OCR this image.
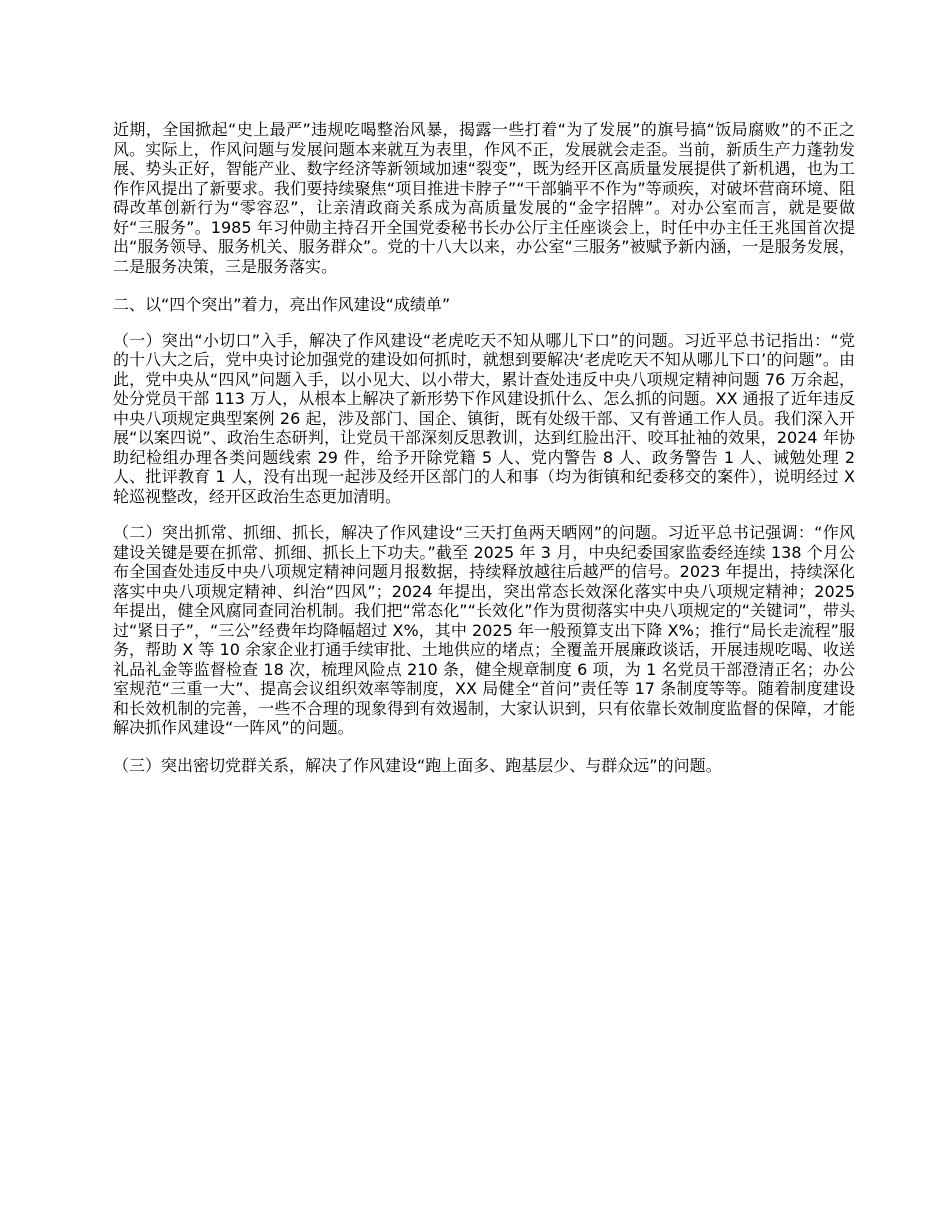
近期，全国掀起“史上最严”违规吃喝整治风暴，揭露一些打着“为了发展”的旗号搞“饭局腐败”的不正之风。实际上，作风问题与发展问题本来就互为表里，作风不正，发展就会走歪。当前，新质生产力蓬勃发展、势头正好，智能产业、数字经济等新领域加速“裂变”，既为经开区高质量发展提供了新机遇，也为工作作风提出了新要求。我们要持续聚焦“项目推进卡脖子”“干部躺平不作为”等顽疾，对破坏营商环境、阻碍改革创新行为“零容忍”，让亲清政商关系成为高质量发展的“金字招牌”。对办公室而言，就是要做好“三服务”。1985 年习仲勋主持召开全国党委秘书长办公厅主任座谈会上，时任中办主任王兆国首次提出“服务领导、服务机关、服务群众”。党的十八大以来，办公室“三服务”被赋予新内涵，一是服务发展，二是服务决策，三是服务落实。

二、以“四个突出”着力，亮出作风建设“成绩单”

（一）突出“小切口”入手，解决了作风建设“老虎吃天不知从哪儿下口”的问题。习近平总书记指出：“党的十八大之后，党中央讨论加强党的建设如何抓时，就想到要解决‘老虎吃天不知从哪儿下口’的问题”。由此，党中央从“四风”问题入手，以小见大、以小带大，累计查处违反中央八项规定精神问题 76 万余起，处分党员干部 113 万人，从根本上解决了新形势下作风建设抓什么、怎么抓的问题。XX 通报了近年违反中央八项规定典型案例 26 起，涉及部门、国企、镇街，既有处级干部、又有普通工作人员。我们深入开展“以案四说”、政治生态研判，让党员干部深刻反思教训，达到红脸出汗、咬耳扯袖的效果，2024 年协助纪检组办理各类问题线索 29 件，给予开除党籍 5 人、党内警告 8 人、政务警告 1 人、诫勉处理 2 人、批评教育 1 人，没有出现一起涉及经开区部门的人和事（均为街镇和纪委移交的案件），说明经过 X 轮巡视整改，经开区政治生态更加清明。

（二）突出抓常、抓细、抓长，解决了作风建设“三天打鱼两天晒网”的问题。习近平总书记强调：“作风建设关键是要在抓常、抓细、抓长上下功夫。”截至 2025 年 3 月，中央纪委国家监委经连续 138 个月公布全国查处违反中央八项规定精神问题月报数据，持续释放越往后越严的信号。2023 年提出，持续深化落实中央八项规定精神、纠治“四风”；2024 年提出，突出常态长效深化落实中央八项规定精神；2025 年提出，健全风腐同查同治机制。我们把“常态化”“长效化”作为贯彻落实中央八项规定的“关键词”，带头过“紧日子”，“三公”经费年均降幅超过 X%，其中 2025 年一般预算支出下降 X%；推行“局长走流程”服务，帮助 X 等 10 余家企业打通手续审批、土地供应的堵点；全覆盖开展廉政谈话，开展违规吃喝、收送礼品礼金等监督检查 18 次，梳理风险点 210 条，健全规章制度 6 项，为 1 名党员干部澄清正名；办公室规范“三重一大”、提高会议组织效率等制度，XX 局健全“首问”责任等 17 条制度等等。随着制度建设和长效机制的完善，一些不合理的现象得到有效遏制，大家认识到，只有依靠长效制度监督的保障，才能解决抓作风建设“一阵风”的问题。

（三）突出密切党群关系，解决了作风建设“跑上面多、跑基层少、与群众远”的问题。
